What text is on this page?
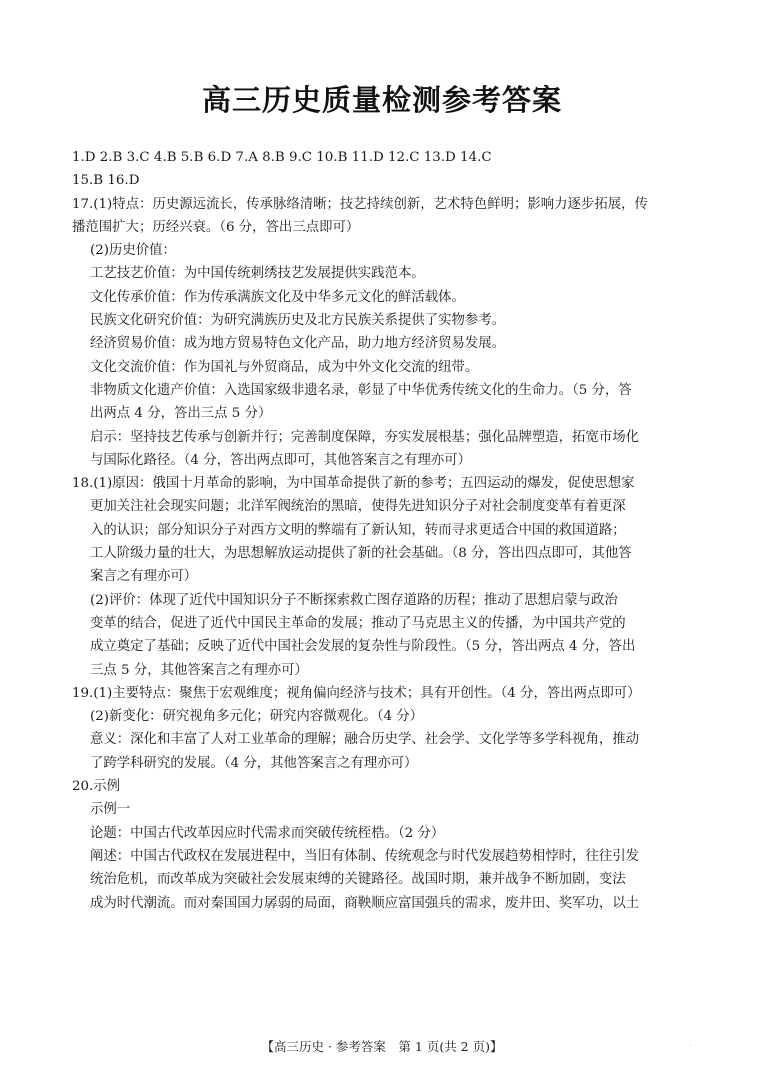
高三历史质量检测参考答案
1.D 2.B 3.C 4.B 5.B 6.D 7.A 8.B 9.C 10.B 11.D 12.C 13.D 14.C
15.B 16.D
17.(1)特点：历史源远流长，传承脉络清晰；技艺持续创新，艺术特色鲜明；影响力逐步拓展，传
播范围扩大；历经兴衰。（6 分，答出三点即可）
(2)历史价值：
工艺技艺价值：为中国传统刺绣技艺发展提供实践范本。
文化传承价值：作为传承满族文化及中华多元文化的鲜活载体。
民族文化研究价值：为研究满族历史及北方民族关系提供了实物参考。
经济贸易价值：成为地方贸易特色文化产品，助力地方经济贸易发展。
文化交流价值：作为国礼与外贸商品，成为中外文化交流的纽带。
非物质文化遗产价值：入选国家级非遗名录，彰显了中华优秀传统文化的生命力。（5 分，答
出两点 4 分，答出三点 5 分）
启示：坚持技艺传承与创新并行；完善制度保障，夯实发展根基；强化品牌塑造，拓宽市场化
与国际化路径。（4 分，答出两点即可，其他答案言之有理亦可）
18.(1)原因：俄国十月革命的影响，为中国革命提供了新的参考；五四运动的爆发，促使思想家
更加关注社会现实问题；北洋军阀统治的黑暗，使得先进知识分子对社会制度变革有着更深
入的认识；部分知识分子对西方文明的弊端有了新认知，转而寻求更适合中国的救国道路；
工人阶级力量的壮大，为思想解放运动提供了新的社会基础。（8 分，答出四点即可，其他答
案言之有理亦可）
(2)评价：体现了近代中国知识分子不断探索救亡图存道路的历程；推动了思想启蒙与政治
变革的结合，促进了近代中国民主革命的发展；推动了马克思主义的传播，为中国共产党的
成立奠定了基础；反映了近代中国社会发展的复杂性与阶段性。（5 分，答出两点 4 分，答出
三点 5 分，其他答案言之有理亦可）
19.(1)主要特点：聚焦于宏观维度；视角偏向经济与技术；具有开创性。（4 分，答出两点即可）
(2)新变化：研究视角多元化；研究内容微观化。（4 分）
意义：深化和丰富了人对工业革命的理解；融合历史学、社会学、文化学等多学科视角，推动
了跨学科研究的发展。（4 分，其他答案言之有理亦可）
20.示例
示例一
论题：中国古代改革因应时代需求而突破传统桎梏。（2 分）
阐述：中国古代政权在发展进程中，当旧有体制、传统观念与时代发展趋势相悖时，往往引发
统治危机，而改革成为突破社会发展束缚的关键路径。战国时期，兼并战争不断加剧，变法
成为时代潮流。而对秦国国力孱弱的局面，商鞅顺应富国强兵的需求，废井田、奖军功，以土
【高三历史 · 参考答案　第 1 页(共 2 页)】	·
